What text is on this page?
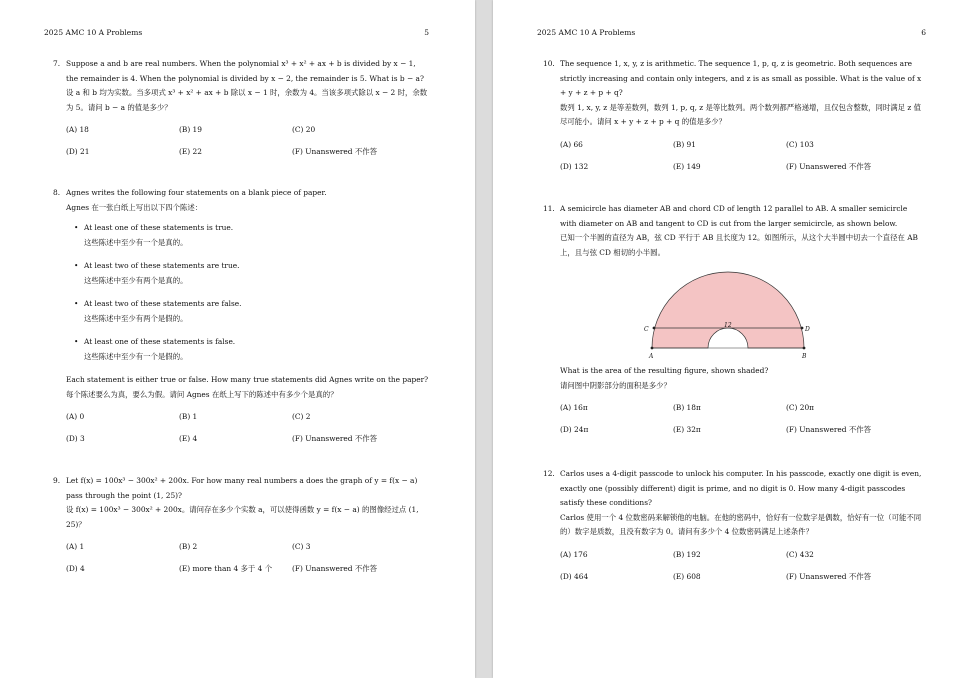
2025 AMC 10 A Problems	5
7. Suppose a and b are real numbers. When the polynomial x³ + x² + ax + b is divided by x − 1, the remainder is 4. When the polynomial is divided by x − 2, the remainder is 5. What is b − a?
设 a 和 b 均为实数。当多项式 x³ + x² + ax + b 除以 x − 1 时，余数为 4。当该多项式除以 x − 2 时，余数为 5。请问 b − a 的值是多少？
(A) 18	(B) 19	(C) 20
(D) 21	(E) 22	(F) Unanswered 不作答
8. Agnes writes the following four statements on a blank piece of paper.
Agnes 在一张白纸上写出以下四个陈述：
• At least one of these statements is true.
这些陈述中至少有一个是真的。
• At least two of these statements are true.
这些陈述中至少有两个是真的。
• At least two of these statements are false.
这些陈述中至少有两个是假的。
• At least one of these statements is false.
这些陈述中至少有一个是假的。
Each statement is either true or false. How many true statements did Agnes write on the paper?
每个陈述要么为真，要么为假。请问 Agnes 在纸上写下的陈述中有多少个是真的？
(A) 0	(B) 1	(C) 2
(D) 3	(E) 4	(F) Unanswered 不作答
9. Let f(x) = 100x³ − 300x² + 200x. For how many real numbers a does the graph of y = f(x − a) pass through the point (1, 25)?
设 f(x) = 100x³ − 300x² + 200x。请问存在多少个实数 a，可以使得函数 y = f(x − a) 的图像经过点 (1, 25)？
(A) 1	(B) 2	(C) 3
(D) 4	(E) more than 4 多于 4 个	(F) Unanswered 不作答
2025 AMC 10 A Problems	6
10. The sequence 1, x, y, z is arithmetic. The sequence 1, p, q, z is geometric. Both sequences are strictly increasing and contain only integers, and z is as small as possible. What is the value of x + y + z + p + q?
数列 1, x, y, z 是等差数列，数列 1, p, q, z 是等比数列。两个数列都严格递增，且仅包含整数，同时满足 z 值尽可能小。请问 x + y + z + p + q 的值是多少？
(A) 66	(B) 91	(C) 103
(D) 132	(E) 149	(F) Unanswered 不作答
11. A semicircle has diameter AB and chord CD of length 12 parallel to AB. A smaller semicircle with diameter on AB and tangent to CD is cut from the larger semicircle, as shown below.
已知一个半圆的直径为 AB，弦 CD 平行于 AB 且长度为 12。如图所示，从这个大半圆中切去一个直径在 AB 上，且与弦 CD 相切的小半圆。
12
C	D
A	B
What is the area of the resulting figure, shown shaded?
请问图中阴影部分的面积是多少？
(A) 16π	(B) 18π	(C) 20π
(D) 24π	(E) 32π	(F) Unanswered 不作答
12. Carlos uses a 4-digit passcode to unlock his computer. In his passcode, exactly one digit is even, exactly one (possibly different) digit is prime, and no digit is 0. How many 4-digit passcodes satisfy these conditions?
Carlos 使用一个 4 位数密码来解锁他的电脑。在他的密码中，恰好有一位数字是偶数，恰好有一位（可能不同的）数字是质数，且没有数字为 0。请问有多少个 4 位数密码满足上述条件？
(A) 176	(B) 192	(C) 432
(D) 464	(E) 608	(F) Unanswered 不作答
